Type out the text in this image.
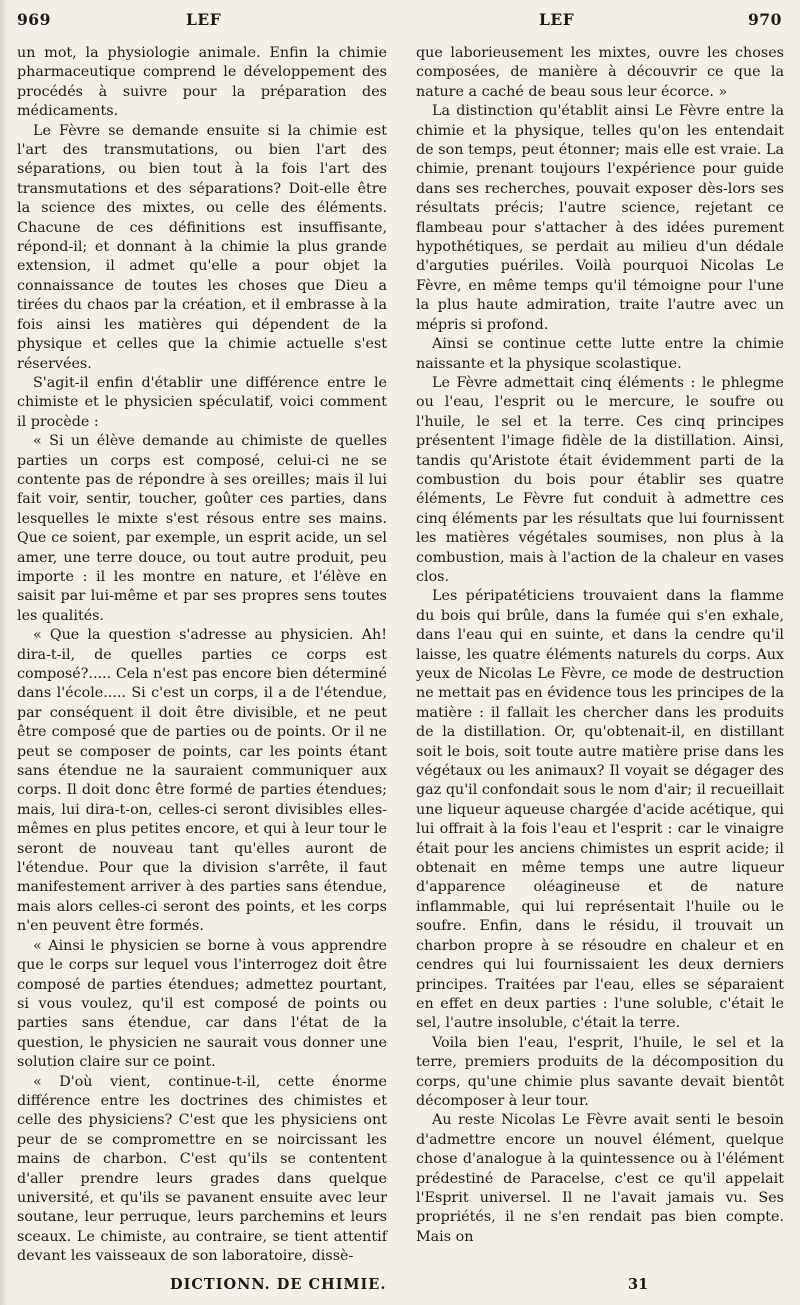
969	LEF	LEF	970

un mot, la physiologie animale. Enfin la chimie pharmaceutique comprend le développement des procédés à suivre pour la préparation des médicaments.

Le Fèvre se demande ensuite si la chimie est l'art des transmutations, ou bien l'art des séparations, ou bien tout à la fois l'art des transmutations et des séparations? Doit-elle être la science des mixtes, ou celle des éléments. Chacune de ces définitions est insuffisante, répond-il; et donnant à la chimie la plus grande extension, il admet qu'elle a pour objet la connaissance de toutes les choses que Dieu a tirées du chaos par la création, et il embrasse à la fois ainsi les matières qui dépendent de la physique et celles que la chimie actuelle s'est réservées.

S'agit-il enfin d'établir une différence entre le chimiste et le physicien spéculatif, voici comment il procède :

« Si un élève demande au chimiste de quelles parties un corps est composé, celui-ci ne se contente pas de répondre à ses oreilles; mais il lui fait voir, sentir, toucher, goûter ces parties, dans lesquelles le mixte s'est résous entre ses mains. Que ce soient, par exemple, un esprit acide, un sel amer, une terre douce, ou tout autre produit, peu importe : il les montre en nature, et l'élève en saisit par lui-même et par ses propres sens toutes les qualités.

« Que la question s'adresse au physicien. Ah! dira-t-il, de quelles parties ce corps est composé?..... Cela n'est pas encore bien déterminé dans l'école..... Si c'est un corps, il a de l'étendue, par conséquent il doit être divisible, et ne peut être composé que de parties ou de points. Or il ne peut se composer de points, car les points étant sans étendue ne la sauraient communiquer aux corps. Il doit donc être formé de parties étendues; mais, lui dira-t-on, celles-ci seront divisibles elles-mêmes en plus petites encore, et qui à leur tour le seront de nouveau tant qu'elles auront de l'étendue. Pour que la division s'arrête, il faut manifestement arriver à des parties sans étendue, mais alors celles-ci seront des points, et les corps n'en peuvent être formés.

« Ainsi le physicien se borne à vous apprendre que le corps sur lequel vous l'interrogez doit être composé de parties étendues; admettez pourtant, si vous voulez, qu'il est composé de points ou parties sans étendue, car dans l'état de la question, le physicien ne saurait vous donner une solution claire sur ce point.

« D'où vient, continue-t-il, cette énorme différence entre les doctrines des chimistes et celle des physiciens? C'est que les physiciens ont peur de se compromettre en se noircissant les mains de charbon. C'est qu'ils se contentent d'aller prendre leurs grades dans quelque université, et qu'ils se pavanent ensuite avec leur soutane, leur perruque, leurs parchemins et leurs sceaux. Le chimiste, au contraire, se tient attentif devant les vaisseaux de son laboratoire, dissè-

que laborieusement les mixtes, ouvre les choses composées, de manière à découvrir ce que la nature a caché de beau sous leur écorce. »

La distinction qu'établit ainsi Le Fèvre entre la chimie et la physique, telles qu'on les entendait de son temps, peut étonner; mais elle est vraie. La chimie, prenant toujours l'expérience pour guide dans ses recherches, pouvait exposer dès-lors ses résultats précis; l'autre science, rejetant ce flambeau pour s'attacher à des idées purement hypothétiques, se perdait au milieu d'un dédale d'arguties puériles. Voilà pourquoi Nicolas Le Fèvre, en même temps qu'il témoigne pour l'une la plus haute admiration, traite l'autre avec un mépris si profond.

Ainsi se continue cette lutte entre la chimie naissante et la physique scolastique.

Le Fèvre admettait cinq éléments : le phlegme ou l'eau, l'esprit ou le mercure, le soufre ou l'huile, le sel et la terre. Ces cinq principes présentent l'image fidèle de la distillation. Ainsi, tandis qu'Aristote était évidemment parti de la combustion du bois pour établir ses quatre éléments, Le Fèvre fut conduit à admettre ces cinq éléments par les résultats que lui fournissent les matières végétales soumises, non plus à la combustion, mais à l'action de la chaleur en vases clos.

Les péripatéticiens trouvaient dans la flamme du bois qui brûle, dans la fumée qui s'en exhale, dans l'eau qui en suinte, et dans la cendre qu'il laisse, les quatre éléments naturels du corps. Aux yeux de Nicolas Le Fèvre, ce mode de destruction ne mettait pas en évidence tous les principes de la matière : il fallait les chercher dans les produits de la distillation. Or, qu'obtenait-il, en distillant soit le bois, soit toute autre matière prise dans les végétaux ou les animaux? Il voyait se dégager des gaz qu'il confondait sous le nom d'air; il recueillait une liqueur aqueuse chargée d'acide acétique, qui lui offrait à la fois l'eau et l'esprit : car le vinaigre était pour les anciens chimistes un esprit acide; il obtenait en même temps une autre liqueur d'apparence oléagineuse et de nature inflammable, qui lui représentait l'huile ou le soufre. Enfin, dans le résidu, il trouvait un charbon propre à se résoudre en chaleur et en cendres qui lui fournissaient les deux derniers principes. Traitées par l'eau, elles se séparaient en effet en deux parties : l'une soluble, c'était le sel, l'autre insoluble, c'était la terre.

Voila bien l'eau, l'esprit, l'huile, le sel et la terre, premiers produits de la décomposition du corps, qu'une chimie plus savante devait bientôt décomposer à leur tour.

Au reste Nicolas Le Fèvre avait senti le besoin d'admettre encore un nouvel élément, quelque chose d'analogue à la quintessence ou à l'élément prédestiné de Paracelse, c'est ce qu'il appelait l'Esprit universel. Il ne l'avait jamais vu. Ses propriétés, il ne s'en rendait pas bien compte. Mais on

DICTIONN. DE CHIMIE.	31
